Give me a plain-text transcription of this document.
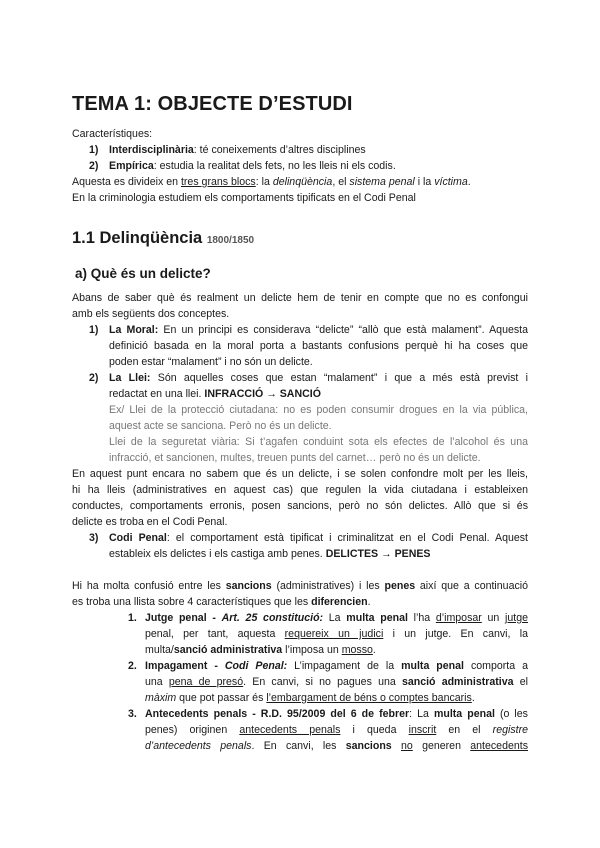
TEMA 1: OBJECTE D’ESTUDI

Característiques:

1) Interdisciplinària: té coneixements d’altres disciplines

2) Empírica: estudia la realitat dels fets, no les lleis ni els codis.

Aquesta es divideix en tres grans blocs: la delinqüència, el sistema penal i la víctima.

En la criminologia estudiem els comportaments tipificats en el Codi Penal

1.1 Delinqüència 1800/1850
a) Què és un delicte?
Abans de saber què és realment un delicte hem de tenir en compte que no es confongui
amb els següents dos conceptes.
1) La Moral: En un principi es considerava “delicte” “allò que està malament”. Aquesta
definició basada en la moral porta a bastants confusions perquè hi ha coses que
poden estar “malament” i no són un delicte.
2) La Llei: Són aquelles coses que estan “malament” i que a més està previst i
redactat en una llei. INFRACCIÓ → SANCIÓ
Ex/ Llei de la protecció ciutadana: no es poden consumir drogues en la via pública,
aquest acte se sanciona. Però no és un delicte.
Llei de la seguretat viària: Si t’agafen conduint sota els efectes de l’alcohol és una
infracció, et sancionen, multes, treuen punts del carnet… però no és un delicte.
En aquest punt encara no sabem que és un delicte, i se solen confondre molt per les lleis,
hi ha lleis (administratives en aquest cas) que regulen la vida ciutadana i estableixen
conductes, comportaments erronis, posen sancions, però no són delictes. Allò que si és
delicte es troba en el Codi Penal.
3) Codi Penal: el comportament està tipificat i criminalitzat en el Codi Penal. Aquest
estableix els delictes i els castiga amb penes. DELICTES → PENES
Hi ha molta confusió entre les sancions (administratives) i les penes així que a continuació
es troba una llista sobre 4 característiques que les diferencien.
1. Jutge penal - Art. 25 constitució: La multa penal l’ha d’imposar un jutge
penal, per tant, aquesta requereix un judici i un jutge. En canvi, la
multa/sanció administrativa l’imposa un mosso.
2. Impagament - Codi Penal: L’impagament de la multa penal comporta a
una pena de presó. En canvi, si no pagues una sanció administrativa el
màxim que pot passar és l’embargament de béns o comptes bancaris.
3. Antecedents penals - R.D. 95/2009 del 6 de febrer: La multa penal (o les
penes) originen antecedents penals i queda inscrit en el registre
d’antecedents penals. En canvi, les sancions no generen antecedents
